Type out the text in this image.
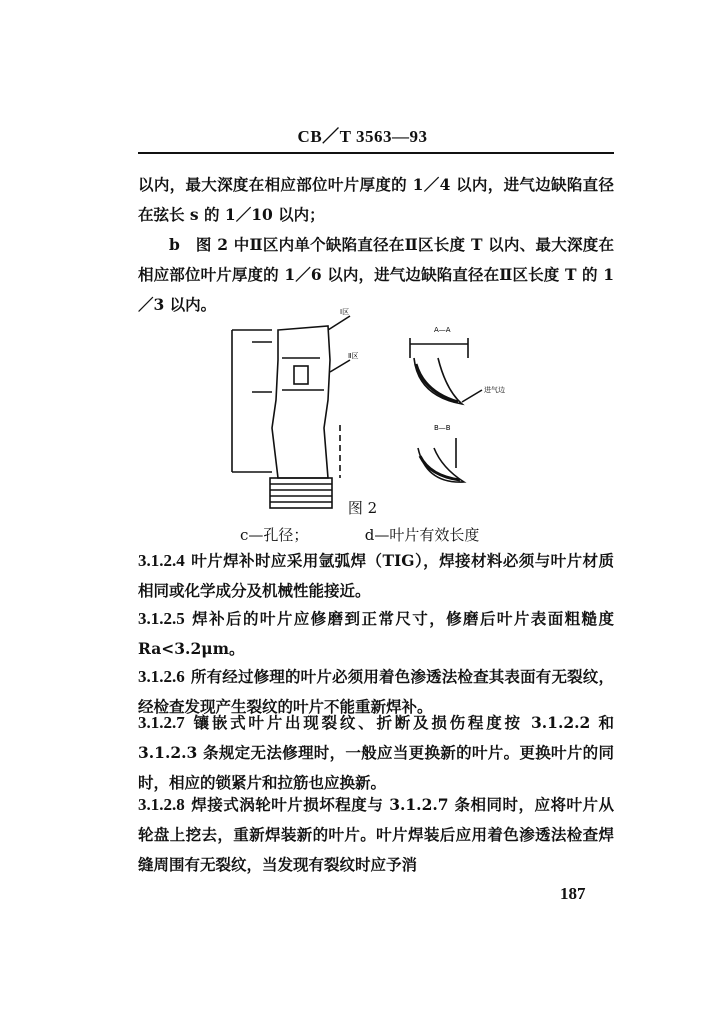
CB／T 3563—93
以内，最大深度在相应部位叶片厚度的 1／4 以内，进气边缺陷直径在弦长 s 的 1／10 以内；
b　图 2 中Ⅱ区内单个缺陷直径在Ⅱ区长度 T 以内、最大深度在相应部位叶片厚度的 1／6 以内，进气边缺陷直径在Ⅱ区长度 T 的 1／3 以内。	Ⅰ区
Ⅱ区
A—A
进气边
B—B
图 2
c—孔径；	d—叶片有效长度
3.1.2.4 叶片焊补时应采用氩弧焊（TIG），焊接材料必须与叶片材质相同或化学成分及机械性能接近。
3.1.2.5 焊补后的叶片应修磨到正常尺寸，修磨后叶片表面粗糙度 Ra<3.2μm。
3.1.2.6 所有经过修理的叶片必须用着色渗透法检查其表面有无裂纹，经检查发现产生裂纹的叶片不能重新焊补。
3.1.2.7 镶嵌式叶片出现裂纹、折断及损伤程度按 3.1.2.2 和 3.1.2.3 条规定无法修理时，一般应当更换新的叶片。更换叶片的同时，相应的锁紧片和拉筋也应换新。
3.1.2.8 焊接式涡轮叶片损坏程度与 3.1.2.7 条相同时，应将叶片从轮盘上挖去，重新焊装新的叶片。叶片焊装后应用着色渗透法检查焊缝周围有无裂纹，当发现有裂纹时应予消
187
